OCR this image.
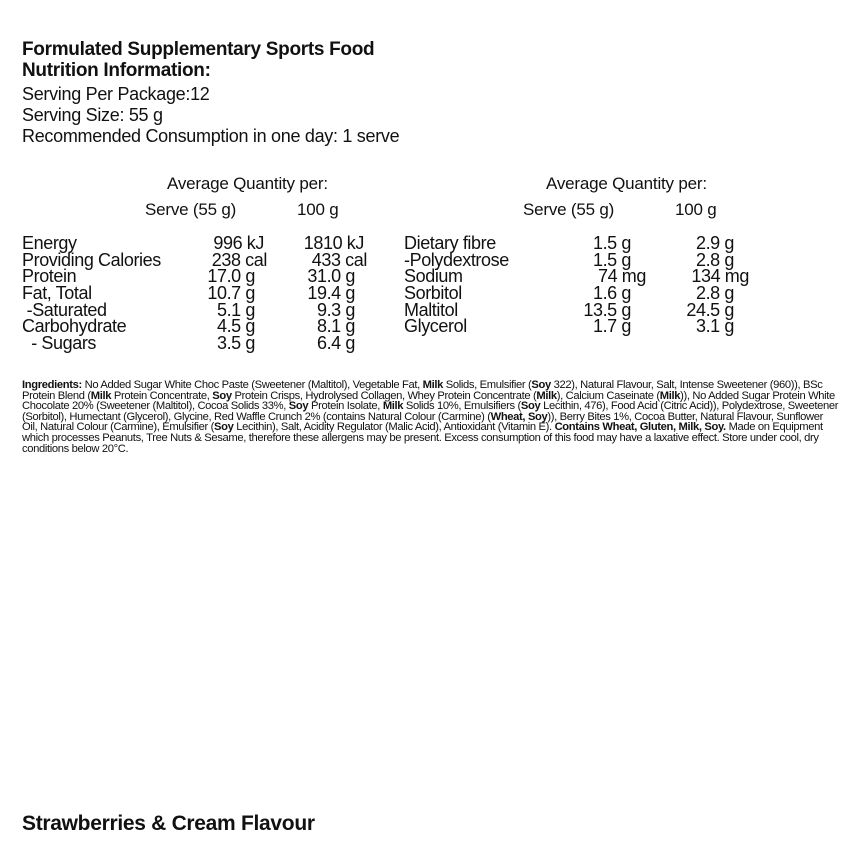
Formulated Supplementary Sports Food
Nutrition Information:
Serving Per Package:12
Serving Size: 55 g
Recommended Consumption in one day: 1 serve
Average Quantity per:
Serve (55 g)	100 g
Energy	996 kJ 1810 kJ
Providing Calories	238 cal 433 cal
Protein	17.0 g	31.0 g
Fat, Total	10.7 g	19.4 g
-Saturated	5.1 g	9.3 g
Carbohydrate	4.5 g	8.1 g
- Sugars	3.5 g	6.4 g
Average Quantity per:
Serve (55 g)	100 g
Dietary fibre	1.5 g	2.9 g
-Polydextrose	1.5 g	2.8 g
Sodium	74 mg	134 mg
Sorbitol	1.6 g	2.8 g
Maltitol	13.5 g	24.5 g
Glycerol	1.7 g	3.1 g
Ingredients: No Added Sugar White Choc Paste (Sweetener (Maltitol), Vegetable Fat, Milk Solids, Emulsifier (Soy 322), Natural Flavour, Salt, Intense Sweetener (960)), BSc Protein Blend (Milk Protein Concentrate, Soy Protein Crisps, Hydrolysed Collagen, Whey Protein Concentrate (Milk), Calcium Caseinate (Milk)), No Added Sugar Protein White Chocolate 20% (Sweetener (Maltitol), Cocoa Solids 33%, Soy Protein Isolate, Milk Solids 10%, Emulsifiers (Soy Lecithin, 476), Food Acid (Citric Acid)), Polydextrose, Sweetener (Sorbitol), Humectant (Glycerol), Glycine, Red Waffle Crunch 2% (contains Natural Colour (Carmine) (Wheat, Soy)), Berry Bites 1%, Cocoa Butter, Natural Flavour, Sunflower Oil, Natural Colour (Carmine), Emulsifier (Soy Lecithin), Salt, Acidity Regulator (Malic Acid), Antioxidant (Vitamin E). Contains Wheat, Gluten, Milk, Soy. Made on Equipment which processes Peanuts, Tree Nuts & Sesame, therefore these allergens may be present. Excess consumption of this food may have a laxative effect. Store under cool, dry conditions below 20°C.
Strawberries & Cream Flavour
